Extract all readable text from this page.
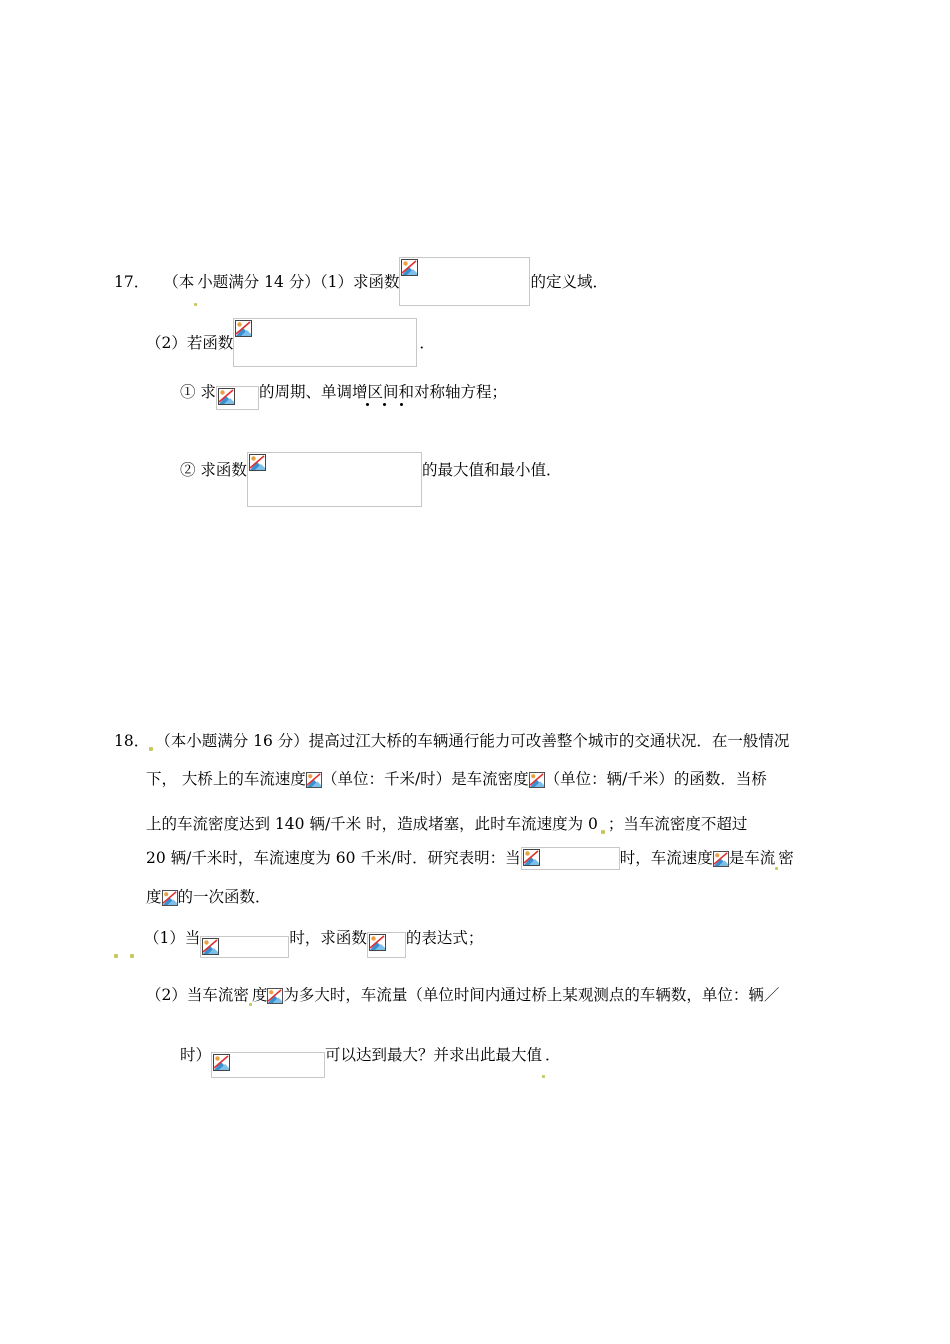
17． （本 小题满分 14 分）（1）求函数	的定义域．
（2）若函数	．
① 求	的周期、单调增区间和对称轴方程；
② 求函数	的最大值和最小值．
18． （本小题满分 16 分）提高过江大桥的车辆通行能力可改善整个城市的交通状况．在一般情况
下， 大桥上的车流速度 （单位：千米/时）是车流密度 （单位：辆/千米）的函数．当桥
上的车流密度达到 140 辆/千米 时，造成堵塞，此时车流速度为 0 ；当车流密度不超过
20 辆/千米时，车流速度为 60 千米/时．研究表明：当	时，车流速度 是车流 密
度 的一次函数．
（1）当	时，求函数	的表达式；
（2）当车流密 度 为多大时，车流量（单位时间内通过桥上某观测点的车辆数，单位：辆／
时）	可以达到最大？并求出此最大值 ．
